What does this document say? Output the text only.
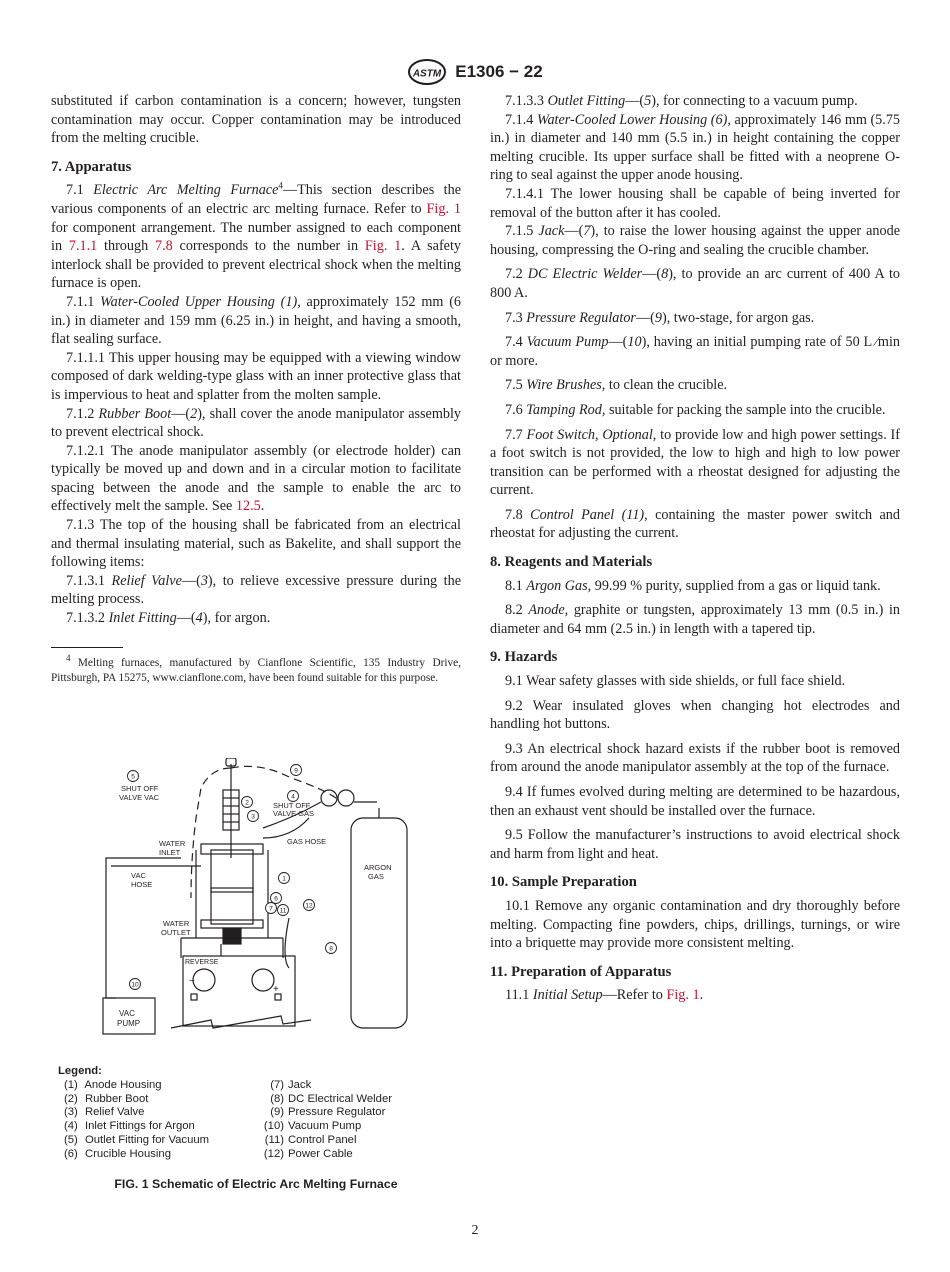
ASTM E1306 − 22

substituted if carbon contamination is a concern; however, tungsten contamination may occur. Copper contamination may be introduced from the melting crucible.

7. Apparatus

7.1 Electric Arc Melting Furnace$^4$—This section describes the various components of an electric arc melting furnace. Refer to Fig. 1 for component arrangement. The number assigned to each component in 7.1.1 through 7.8 corresponds to the number in Fig. 1. A safety interlock shall be provided to prevent electrical shock when the melting furnace is open.

7.1.1 Water-Cooled Upper Housing (1), approximately 152 mm (6 in.) in diameter and 159 mm (6.25 in.) in height, and having a smooth, flat sealing surface.

7.1.1.1 This upper housing may be equipped with a viewing window composed of dark welding-type glass with an inner protective glass that is impervious to heat and splatter from the molten sample.

7.1.2 Rubber Boot—(2), shall cover the anode manipulator assembly to prevent electrical shock.

7.1.2.1 The anode manipulator assembly (or electrode holder) can typically be moved up and down and in a circular motion to facilitate spacing between the anode and the sample to enable the arc to effectively melt the sample. See 12.5.

7.1.3 The top of the housing shall be fabricated from an electrical and thermal insulating material, such as Bakelite, and shall support the following items:

7.1.3.1 Relief Valve—(3), to relieve excessive pressure during the melting process.

7.1.3.2 Inlet Fitting—(4), for argon.

$^4$ Melting furnaces, manufactured by Cianflone Scientific, 135 Industry Drive, Pittsburgh, PA 15275, www.cianflone.com, have been found suitable for this purpose.

5
9
4
2
3
1
6
7 11
12
8
10
SHUT OFF
VALVE VAC
SHUT OFF
VALVE GAS
WATER
INLET
GAS HOSE
VAC
HOSE
ARGON
GAS
WATER
OUTLET
REVERSE
VAC
PUMP
−
+
Legend:
(1) Anode Housing
(2) Rubber Boot
(3) Relief Valve
(4) Inlet Fittings for Argon
(5) Outlet Fitting for Vacuum
(6) Crucible Housing
(7) Jack
(8) DC Electrical Welder
(9) Pressure Regulator
(10) Vacuum Pump
(11) Control Panel
(12) Power Cable
FIG. 1 Schematic of Electric Arc Melting Furnace

7.1.3.3 Outlet Fitting—(5), for connecting to a vacuum pump.

7.1.4 Water-Cooled Lower Housing (6), approximately 146 mm (5.75 in.) in diameter and 140 mm (5.5 in.) in height containing the copper melting crucible. Its upper surface shall be fitted with a neoprene O-ring to seal against the upper anode housing.

7.1.4.1 The lower housing shall be capable of being inverted for removal of the button after it has cooled.

7.1.5 Jack—(7), to raise the lower housing against the upper anode housing, compressing the O-ring and sealing the crucible chamber.

7.2 DC Electric Welder—(8), to provide an arc current of 400 A to 800 A.

7.3 Pressure Regulator—(9), two-stage, for argon gas.

7.4 Vacuum Pump—(10), having an initial pumping rate of 50 L ⁄min or more.

7.5 Wire Brushes, to clean the crucible.

7.6 Tamping Rod, suitable for packing the sample into the crucible.

7.7 Foot Switch, Optional, to provide low and high power settings. If a foot switch is not provided, the low to high and high to low power transition can be performed with a rheostat designed for adjusting the current.

7.8 Control Panel (11), containing the master power switch and rheostat for adjusting the current.

8. Reagents and Materials

8.1 Argon Gas, 99.99 % purity, supplied from a gas or liquid tank.

8.2 Anode, graphite or tungsten, approximately 13 mm (0.5 in.) in diameter and 64 mm (2.5 in.) in length with a tapered tip.

9. Hazards

9.1 Wear safety glasses with side shields, or full face shield.

9.2 Wear insulated gloves when changing hot electrodes and handling hot buttons.

9.3 An electrical shock hazard exists if the rubber boot is removed from around the anode manipulator assembly at the top of the furnace.

9.4 If fumes evolved during melting are determined to be hazardous, then an exhaust vent should be installed over the furnace.

9.5 Follow the manufacturer’s instructions to avoid electrical shock and harm from light and heat.

10. Sample Preparation

10.1 Remove any organic contamination and dry thoroughly before melting. Compacting fine powders, chips, drillings, turnings, or wire into a briquette may provide more consistent melting.

11. Preparation of Apparatus

11.1 Initial Setup—Refer to Fig. 1.

2
